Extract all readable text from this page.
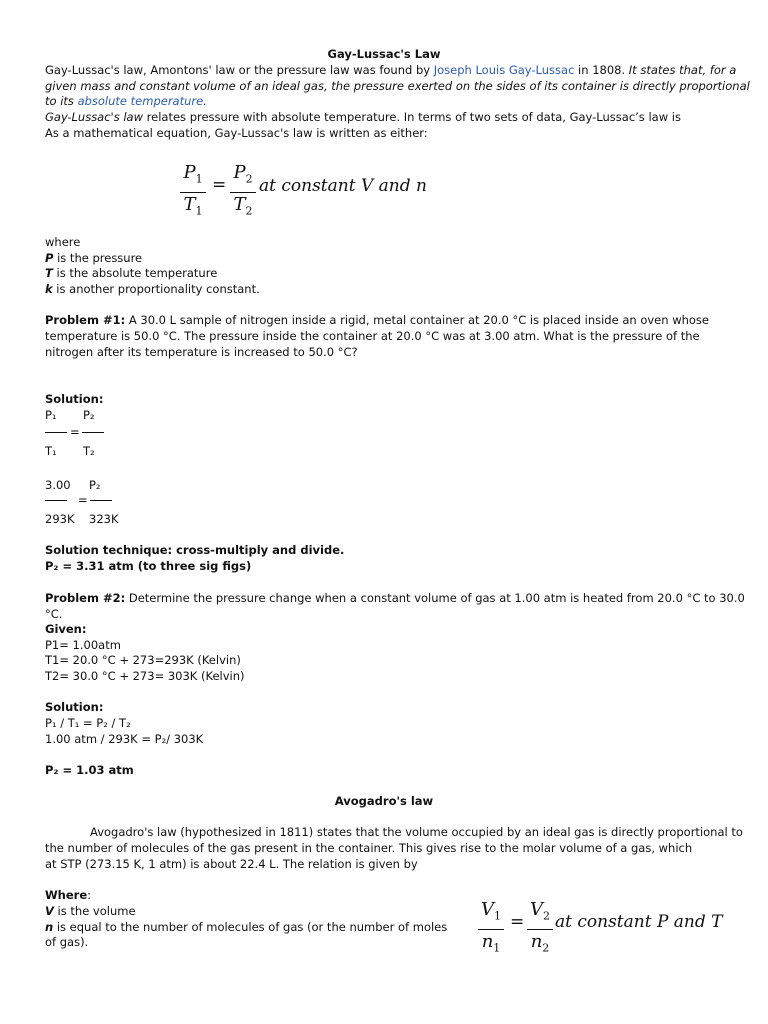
Gay-Lussac's Law
Gay-Lussac's law, Amontons' law or the pressure law was found by Joseph Louis Gay-Lussac in 1808. It states that, for a
given mass and constant volume of an ideal gas, the pressure exerted on the sides of its container is directly proportional
to its absolute temperature.
Gay-Lussac's law relates pressure with absolute temperature. In terms of two sets of data, Gay-Lussac’s law is
As a mathematical equation, Gay-Lussac's law is written as either:
$P_1$
$T_1$
=
$P_2$
$T_2$
at constant V and n
where
P is the pressure
T is the absolute temperature
k is another proportionality constant.
Problem #1: A 30.0 L sample of nitrogen inside a rigid, metal container at 20.0 °C is placed inside an oven whose
temperature is 50.0 °C. The pressure inside the container at 20.0 °C was at 3.00 atm. What is the pressure of the
nitrogen after its temperature is increased to 50.0 °C?
Solution:
P₁ P₂
=
T₁ T₂
3.00 P₂
=
293K 323K
Solution technique: cross-multiply and divide.
P₂ = 3.31 atm (to three sig figs)
Problem #2: Determine the pressure change when a constant volume of gas at 1.00 atm is heated from 20.0 °C to 30.0
°C.
Given:
P1= 1.00atm
T1= 20.0 °C + 273=293K (Kelvin)
T2= 30.0 °C + 273= 303K (Kelvin)
Solution:
P₁ / T₁ = P₂ / T₂
1.00 atm / 293K = P₂/ 303K
P₂ = 1.03 atm
Avogadro's law
Avogadro's law (hypothesized in 1811) states that the volume occupied by an ideal gas is directly proportional to
the number of molecules of the gas present in the container. This gives rise to the molar volume of a gas, which
at STP (273.15 K, 1 atm) is about 22.4 L. The relation is given by
Where:
V is the volume
n is equal to the number of molecules of gas (or the number of moles
of gas).
$V_1$
$n_1$
=
$V_2$
$n_2$
at constant P and T
